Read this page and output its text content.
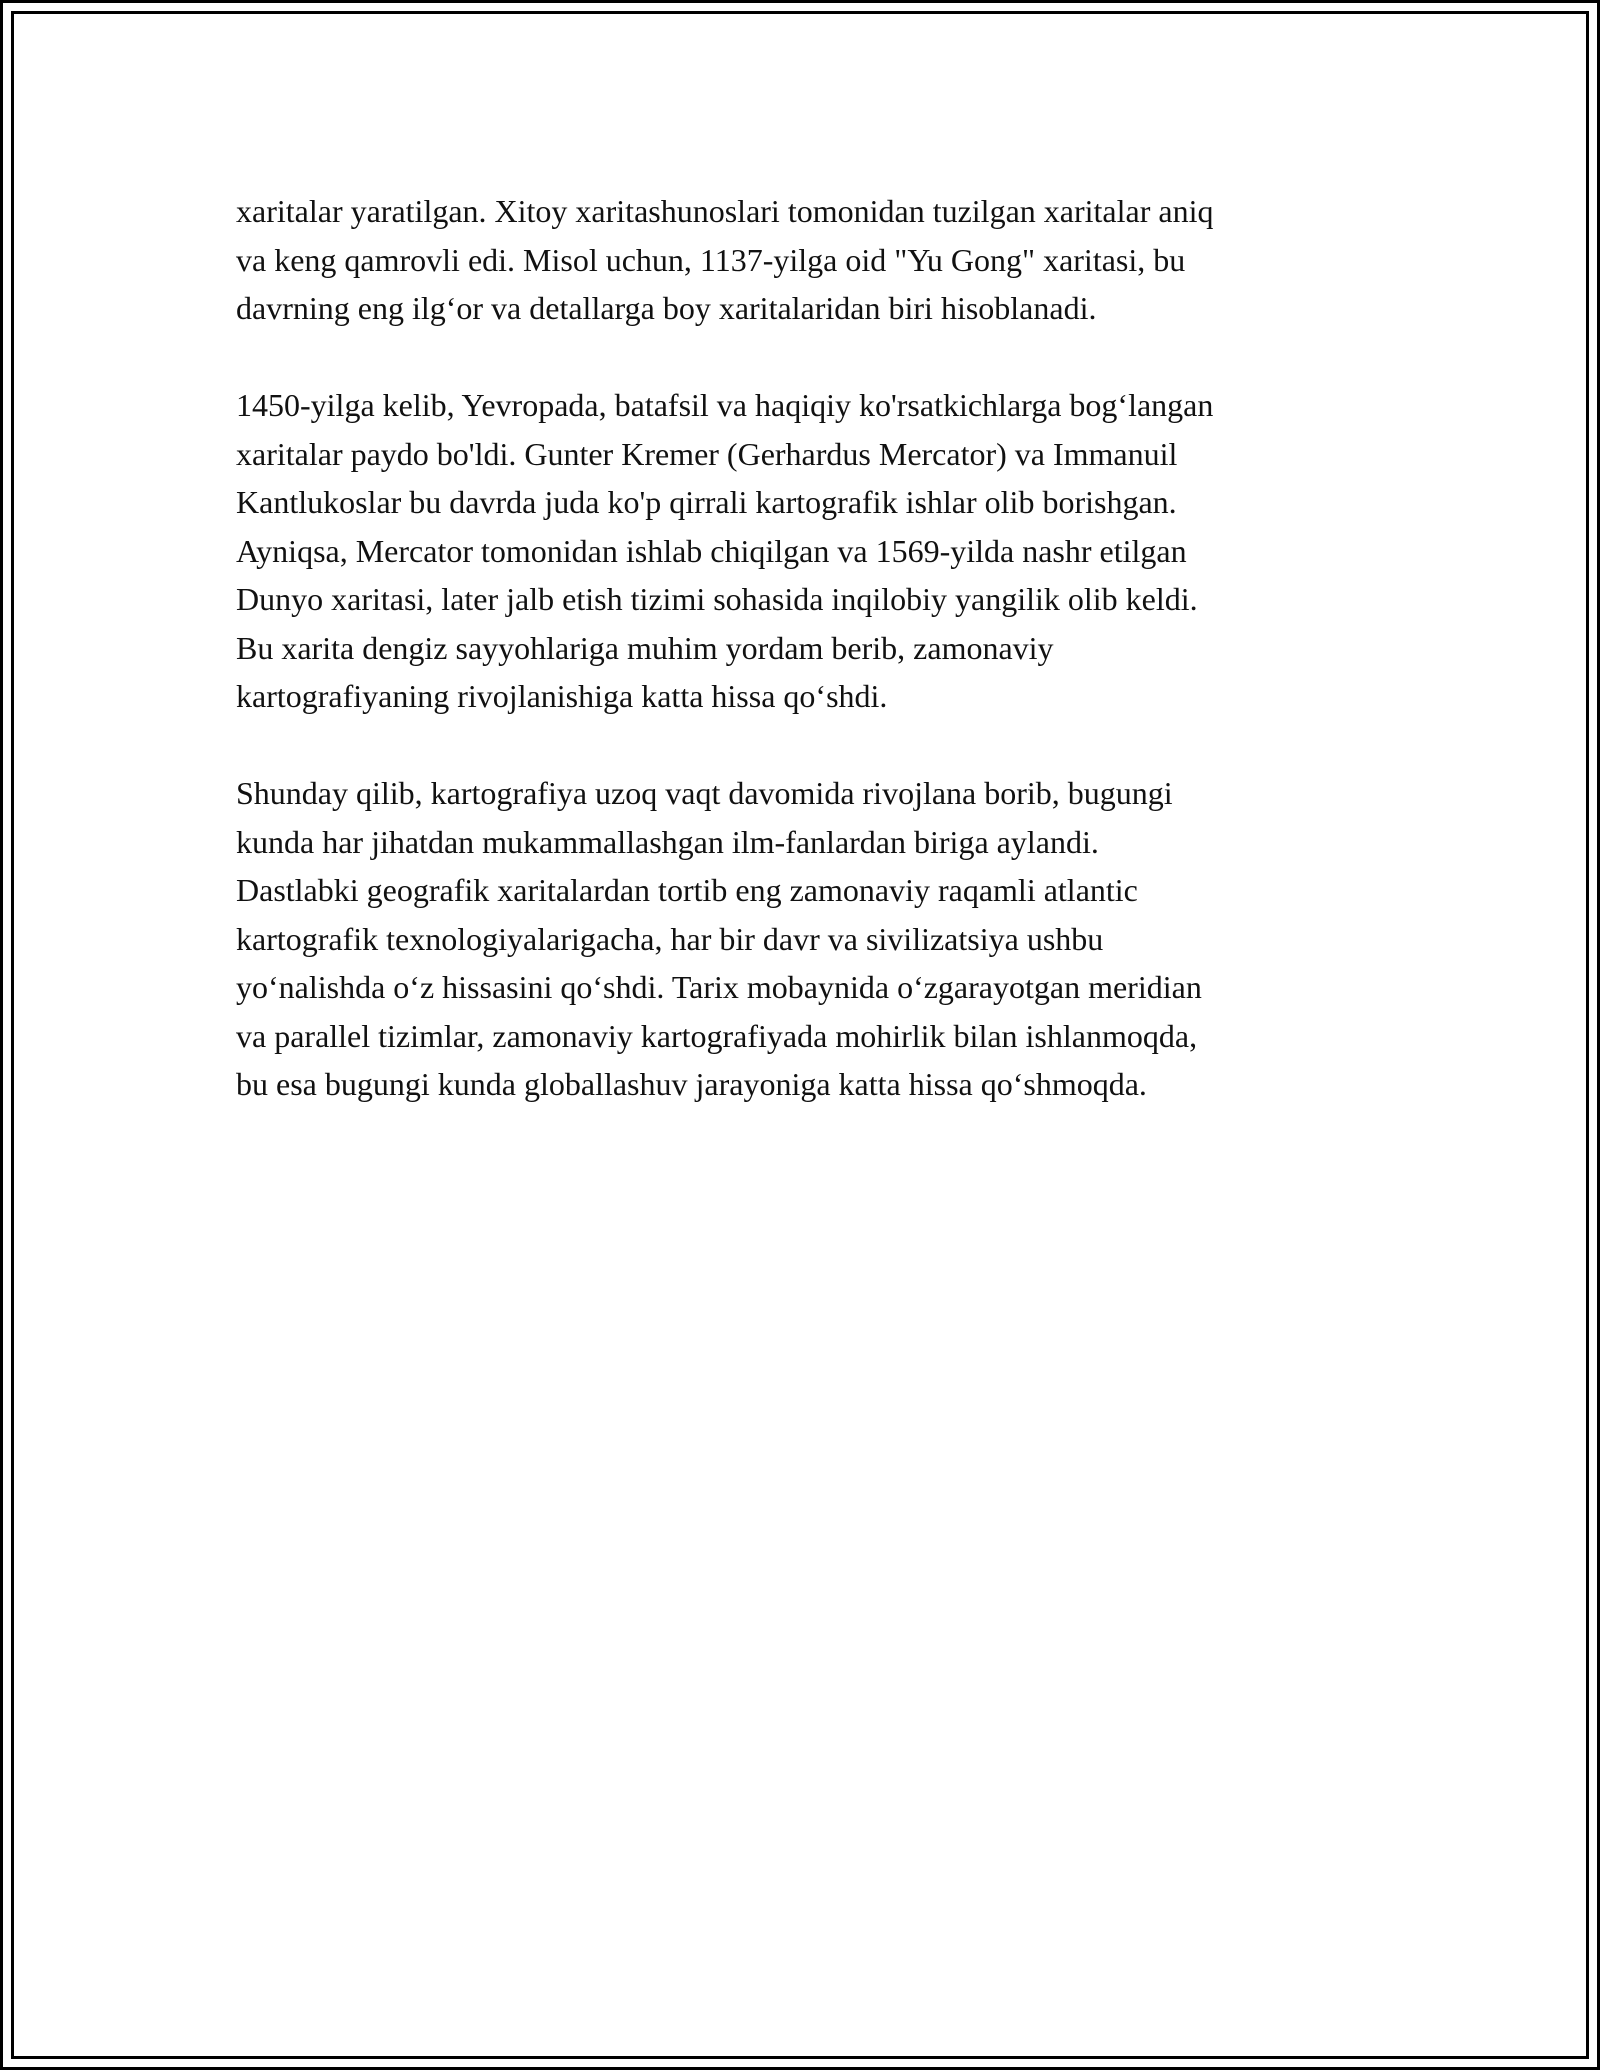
xaritalar yaratilgan. Xitoy xaritashunoslari tomonidan tuzilgan xaritalar aniq
va keng qamrovli edi. Misol uchun, 1137-yilga oid "Yu Gong" xaritasi, bu
davrning eng ilg‘or va detallarga boy xaritalaridan biri hisoblanadi.

1450-yilga kelib, Yevropada, batafsil va haqiqiy ko'rsatkichlarga bog‘langan
xaritalar paydo bo'ldi. Gunter Kremer (Gerhardus Mercator) va Immanuil
Kantlukoslar bu davrda juda ko'p qirrali kartografik ishlar olib borishgan.
Ayniqsa, Mercator tomonidan ishlab chiqilgan va 1569-yilda nashr etilgan
Dunyo xaritasi, later jalb etish tizimi sohasida inqilobiy yangilik olib keldi.
Bu xarita dengiz sayyohlariga muhim yordam berib, zamonaviy
kartografiyaning rivojlanishiga katta hissa qo‘shdi.

Shunday qilib, kartografiya uzoq vaqt davomida rivojlana borib, bugungi
kunda har jihatdan mukammallashgan ilm-fanlardan biriga aylandi.
Dastlabki geografik xaritalardan tortib eng zamonaviy raqamli atlantic
kartografik texnologiyalarigacha, har bir davr va sivilizatsiya ushbu
yo‘nalishda o‘z hissasini qo‘shdi. Tarix mobaynida o‘zgarayotgan meridian
va parallel tizimlar, zamonaviy kartografiyada mohirlik bilan ishlanmoqda,
bu esa bugungi kunda globallashuv jarayoniga katta hissa qo‘shmoqda.
